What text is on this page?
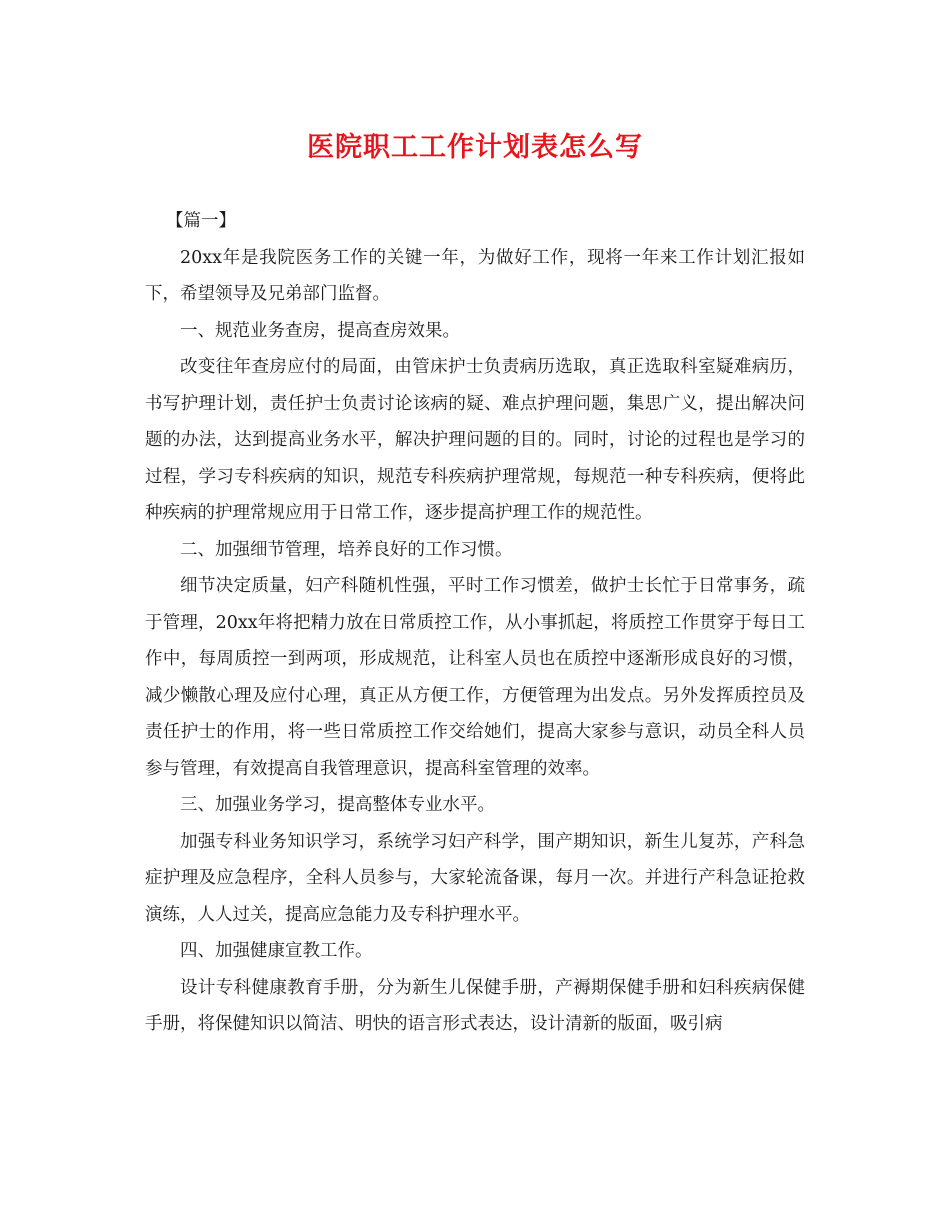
医院职工工作计划表怎么写

【篇一】

20xx年是我院医务工作的关键一年，为做好工作，现将一年来工作计划汇报如下，希望领导及兄弟部门监督。

一、规范业务查房，提高查房效果。

改变往年查房应付的局面，由管床护士负责病历选取，真正选取科室疑难病历，书写护理计划，责任护士负责讨论该病的疑、难点护理问题，集思广义，提出解决问题的办法，达到提高业务水平，解决护理问题的目的。同时，讨论的过程也是学习的过程，学习专科疾病的知识，规范专科疾病护理常规，每规范一种专科疾病，便将此种疾病的护理常规应用于日常工作，逐步提高护理工作的规范性。

二、加强细节管理，培养良好的工作习惯。

细节决定质量，妇产科随机性强，平时工作习惯差，做护士长忙于日常事务，疏于管理，20xx年将把精力放在日常质控工作，从小事抓起，将质控工作贯穿于每日工作中，每周质控一到两项，形成规范，让科室人员也在质控中逐渐形成良好的习惯，减少懒散心理及应付心理，真正从方便工作，方便管理为出发点。另外发挥质控员及责任护士的作用，将一些日常质控工作交给她们，提高大家参与意识，动员全科人员参与管理，有效提高自我管理意识，提高科室管理的效率。

三、加强业务学习，提高整体专业水平。

加强专科业务知识学习，系统学习妇产科学，围产期知识，新生儿复苏，产科急症护理及应急程序，全科人员参与，大家轮流备课，每月一次。并进行产科急证抢救演练，人人过关，提高应急能力及专科护理水平。

四、加强健康宣教工作。

设计专科健康教育手册，分为新生儿保健手册，产褥期保健手册和妇科疾病保健手册，将保健知识以简洁、明快的语言形式表达，设计清新的版面，吸引病
